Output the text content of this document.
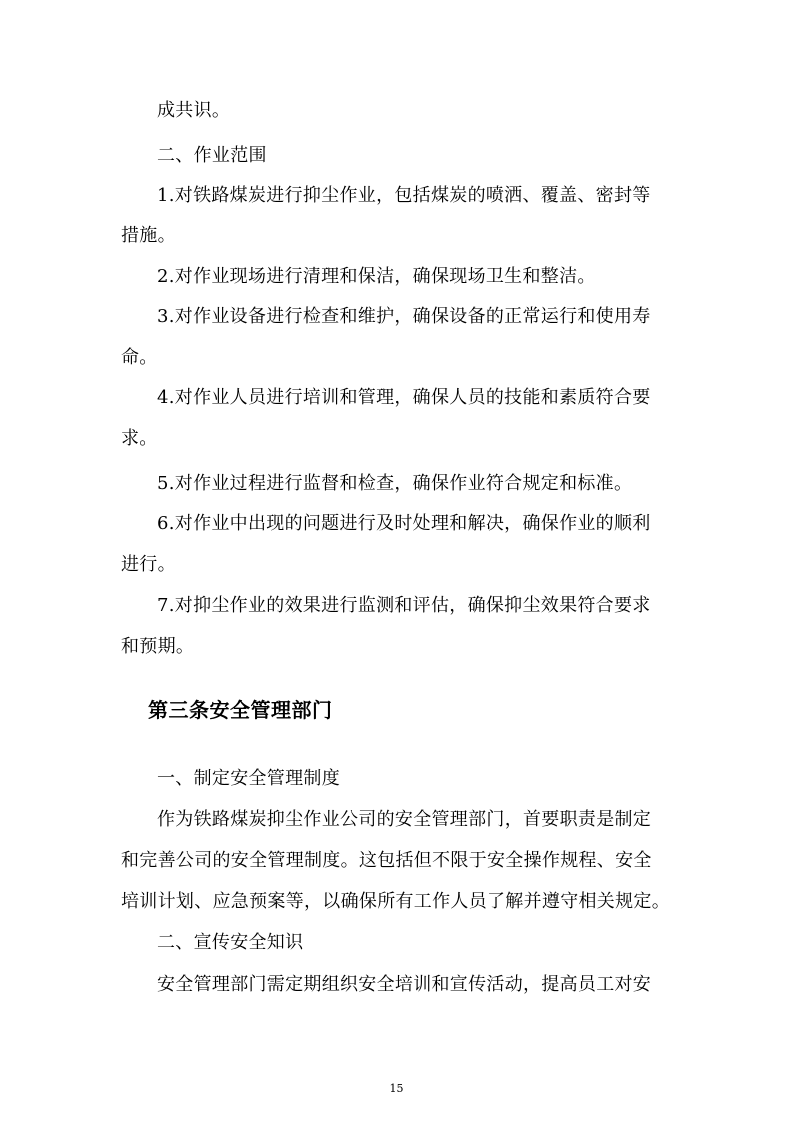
成共识。
二、作业范围
1.对铁路煤炭进行抑尘作业，包括煤炭的喷洒、覆盖、密封等
措施。
2.对作业现场进行清理和保洁，确保现场卫生和整洁。
3.对作业设备进行检查和维护，确保设备的正常运行和使用寿
命。
4.对作业人员进行培训和管理，确保人员的技能和素质符合要
求。
5.对作业过程进行监督和检查，确保作业符合规定和标准。
6.对作业中出现的问题进行及时处理和解决，确保作业的顺利
进行。
7.对抑尘作业的效果进行监测和评估，确保抑尘效果符合要求
和预期。
第三条安全管理部门
一、制定安全管理制度
作为铁路煤炭抑尘作业公司的安全管理部门，首要职责是制定
和完善公司的安全管理制度。这包括但不限于安全操作规程、安全
培训计划、应急预案等，以确保所有工作人员了解并遵守相关规定。
二、宣传安全知识
安全管理部门需定期组织安全培训和宣传活动，提高员工对安
15
